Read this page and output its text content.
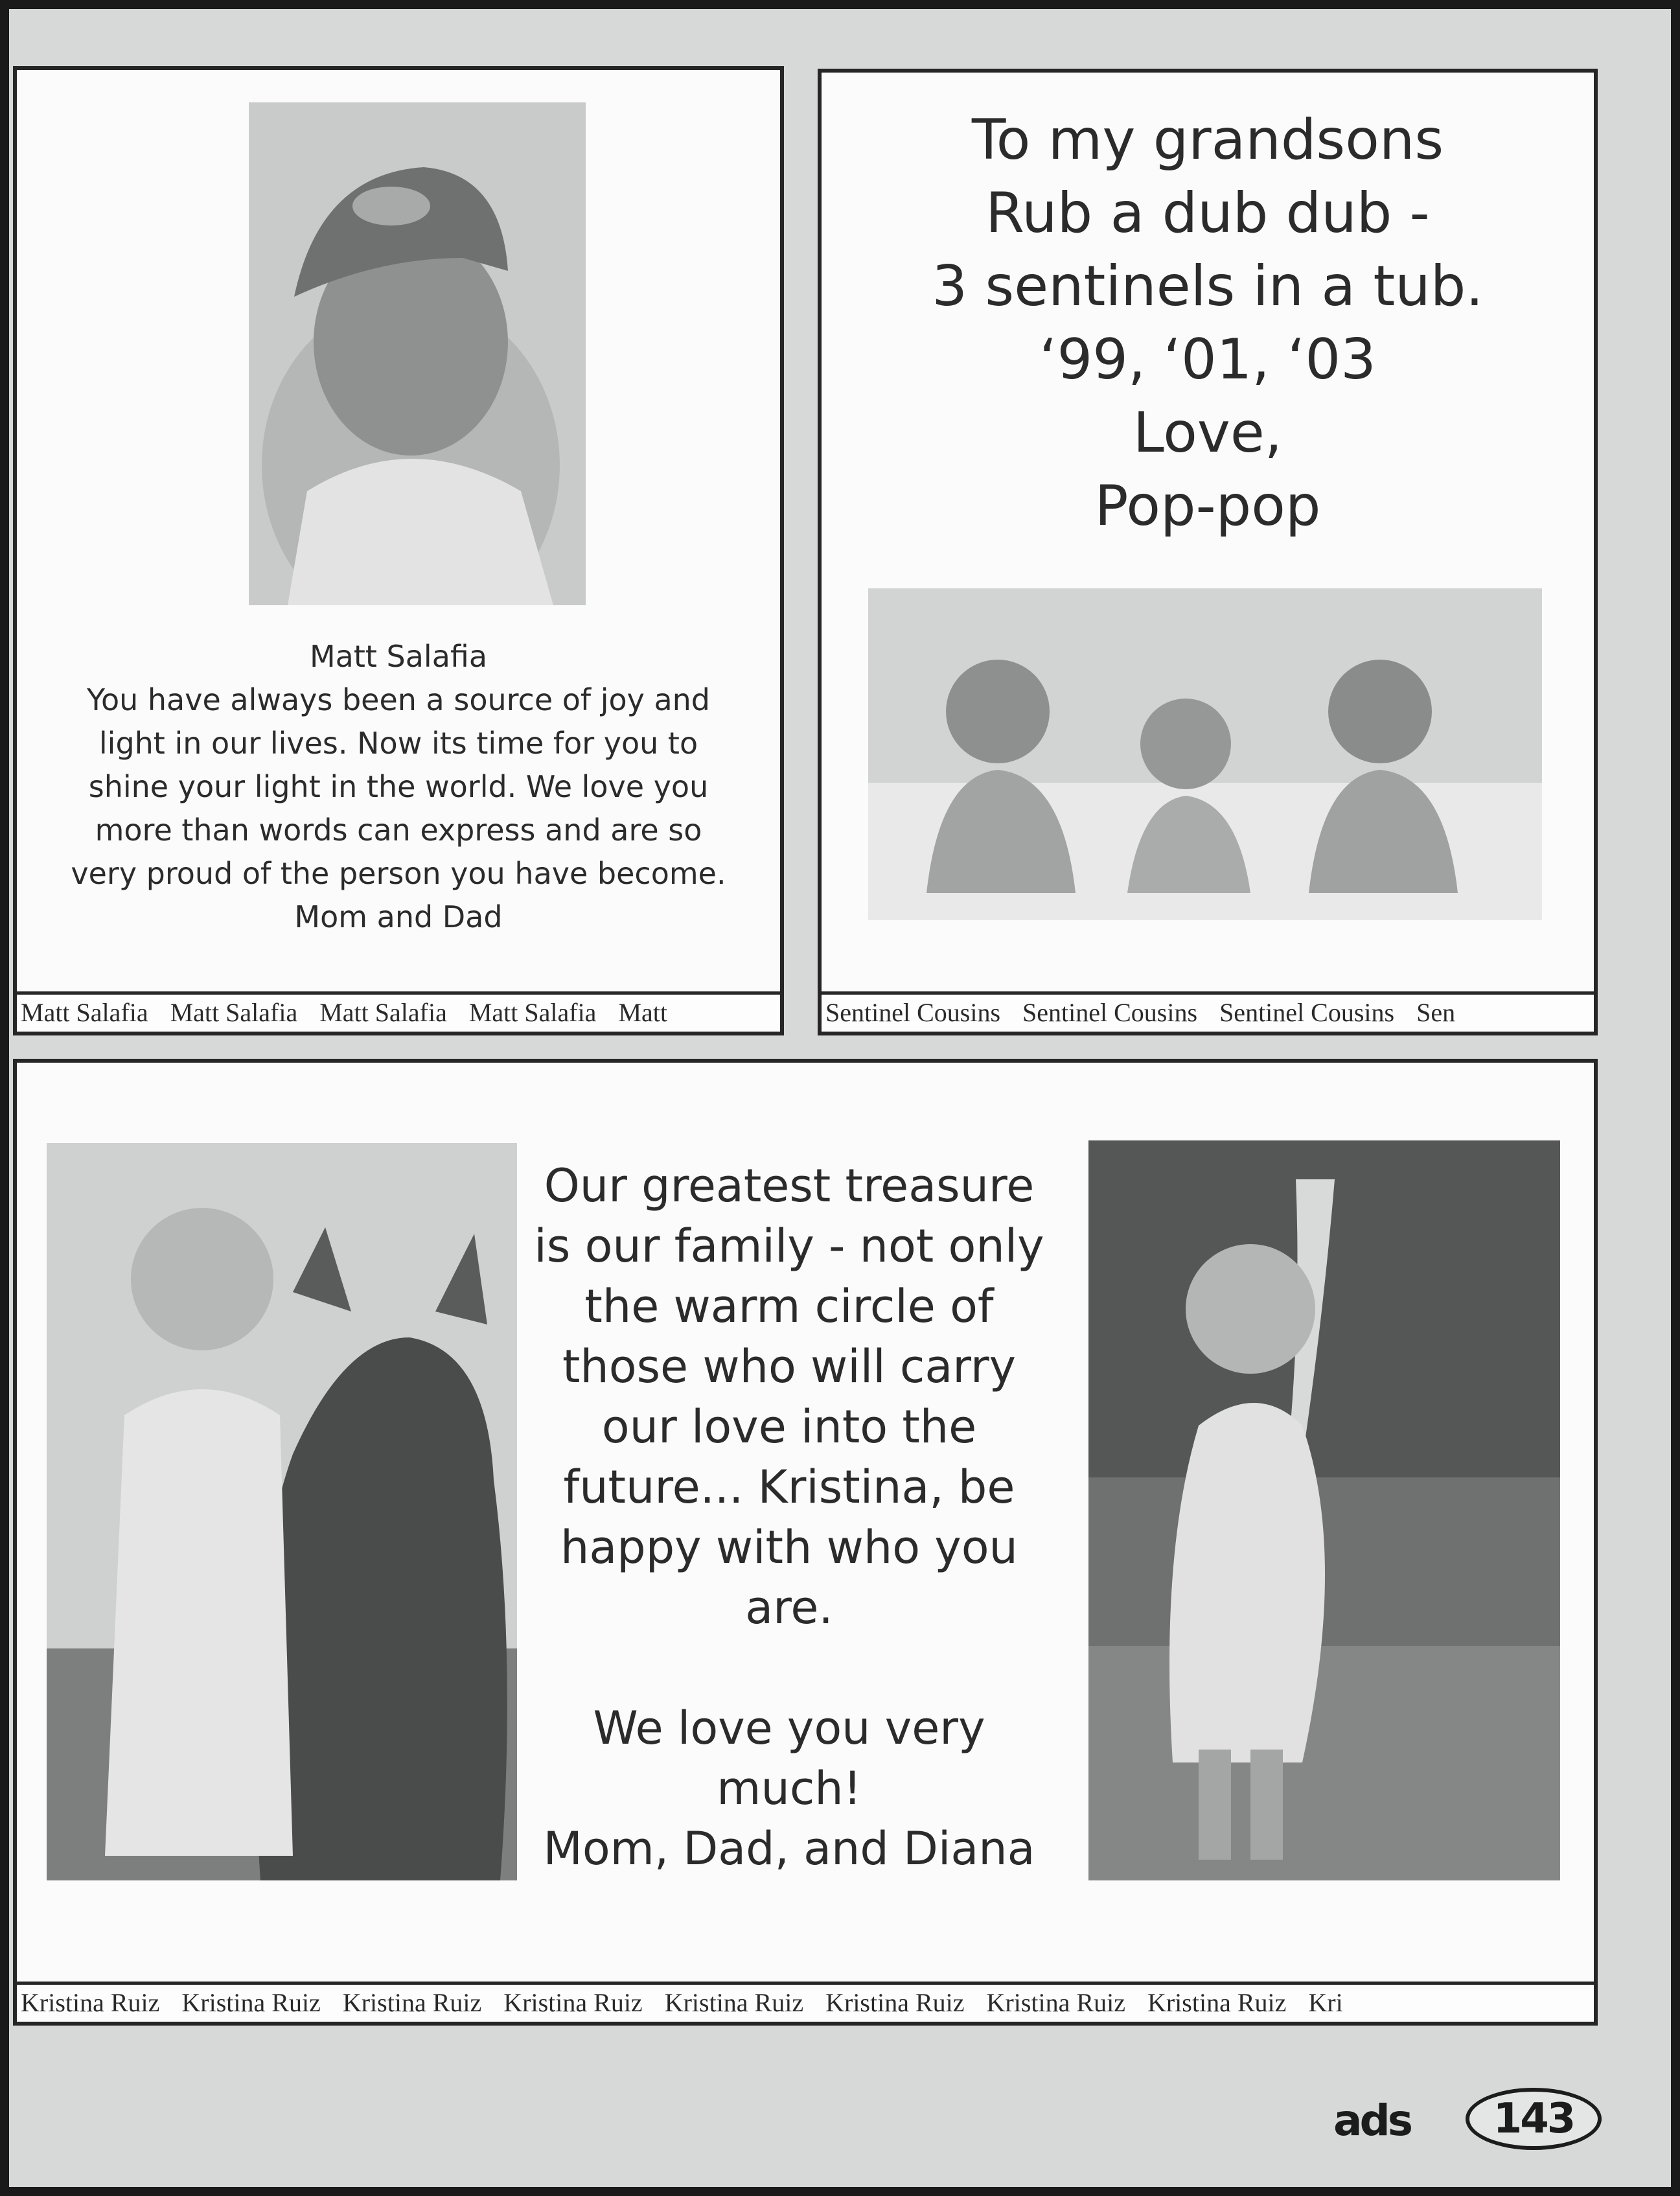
Matt Salafia
You have always been a source of joy and
light in our lives. Now its time for you to
shine your light in the world. We love you
more than words can express and are so
very proud of the person you have become.
Mom and Dad
Matt Salafia Matt Salafia Matt Salafia Matt Salafia Matt
To my grandsons
Rub a dub dub -
3 sentinels in a tub.
‘99, ‘01, ‘03
Love,
Pop-pop
Sentinel Cousins Sentinel Cousins Sentinel Cousins Sen
Our greatest treasure
is our family - not only
the warm circle of
those who will carry
our love into the
future... Kristina, be
happy with who you
are.
We love you very
much!
Mom, Dad, and Diana
Kristina Ruiz Kristina Ruiz Kristina Ruiz Kristina Ruiz Kristina Ruiz Kristina Ruiz Kristina Ruiz Kristina Ruiz Kri
ads	143
